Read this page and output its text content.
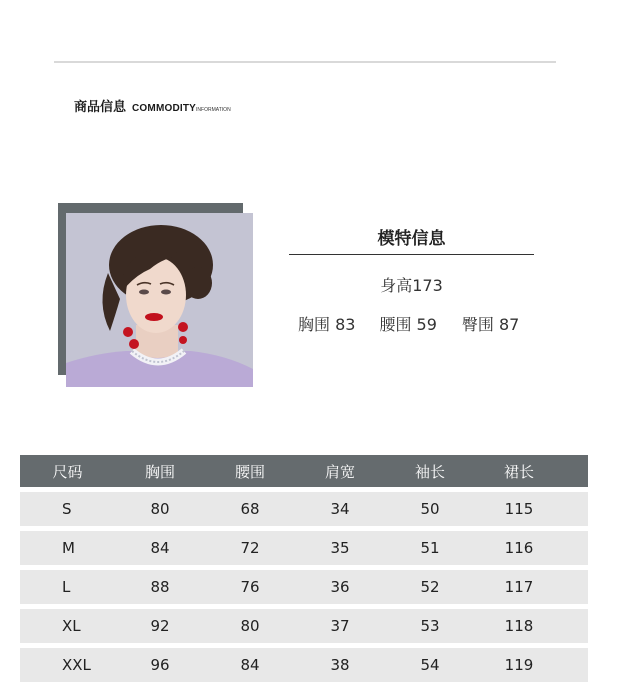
商品信息 COMMODITYINFORMATION
模特信息
身高173
胸围 83 腰围 59 臀围 87
尺码	胸围	腰围	肩宽	袖长	裙长
S	80	68	34	50	115
M	84	72	35	51	116
L	88	76	36	52	117
XL	92	80	37	53	118
XXL	96	84	38	54	119
